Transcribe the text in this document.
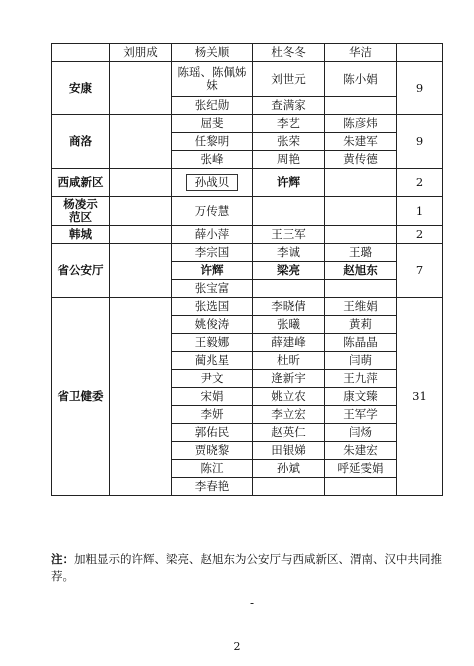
	刘朋成	杨关顺	杜冬冬	华洁	
安康		陈瑶、陈佩姊妹	刘世元	陈小娟	9
		张纪勋	查满家		
商洛		屈斐	李艺	陈彦炜	9
		任黎明	张荣	朱建军	
		张峰	周艳	黄传德	
西咸新区		孙战贝	许辉		2
杨凌示范区		万传慧			1
韩城		薛小萍	王三军		2
省公安厅		李宗国	李诚	王璐	7
		许辉	梁亮	赵旭东	
		张宝富			
省卫健委		张选国	李晓倩	王维娟	31
		姚俊涛	张曦	黄莉	
		王毅娜	薛建峰	陈晶晶	
		蔺兆星	杜昕	闫萌	
		尹文	逄新宇	王九萍	
		宋娟	姚立农	康文臻	
		李妍	李立宏	王军学	
		郭佑民	赵英仁	闫炀	
		贾晓黎	田银娣	朱建宏	
		陈江	孙斌	呼延雯娟	
		李春艳			
注：加粗显示的许辉、梁亮、赵旭东为公安厅与西咸新区、渭南、汉中共同推荐。
-
2
